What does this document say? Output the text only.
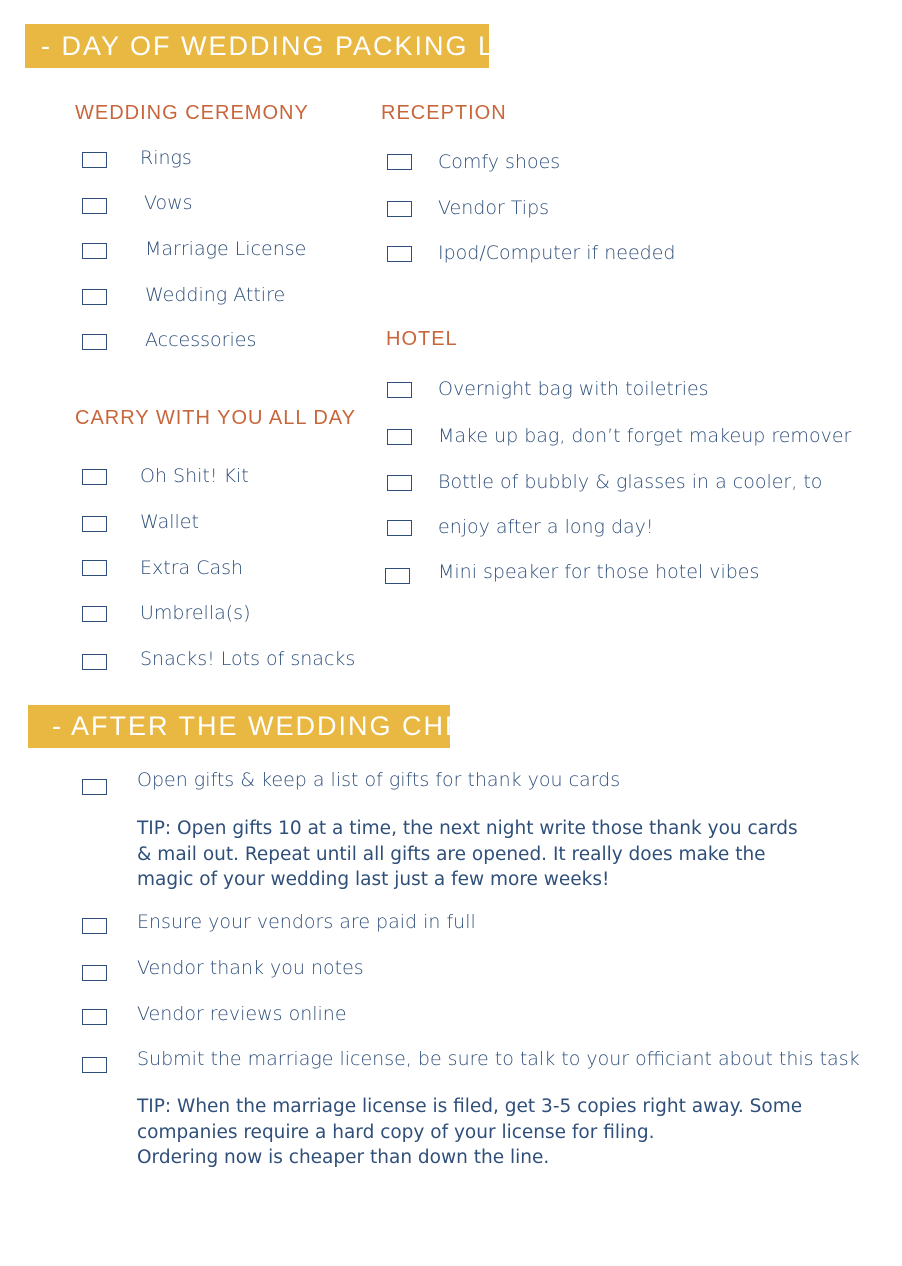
- DAY OF WEDDING PACKING LIST -
WEDDING CEREMONY
Rings
Vows
Marriage License
Wedding Attire
Accessories
CARRY WITH YOU ALL DAY
Oh Shit! Kit
Wallet
Extra Cash
Umbrella(s)
Snacks! Lots of snacks
RECEPTION
Comfy shoes
Vendor Tips
Ipod/Computer if needed
HOTEL
Overnight bag with toiletries
Make up bag, don’t forget makeup remover
Bottle of bubbly & glasses in a cooler, to
enjoy after a long day!
Mini speaker for those hotel vibes
- AFTER THE WEDDING CHECKLIST -
Open gifts & keep a list of gifts for thank you cards
TIP: Open gifts 10 at a time, the next night write those thank you cards
& mail out. Repeat until all gifts are opened. It really does make the
magic of your wedding last just a few more weeks!
Ensure your vendors are paid in full
Vendor thank you notes
Vendor reviews online
Submit the marriage license, be sure to talk to your officiant about this task
TIP: When the marriage license is filed, get 3-5 copies right away. Some
companies require a hard copy of your license for filing.
Ordering now is cheaper than down the line.
